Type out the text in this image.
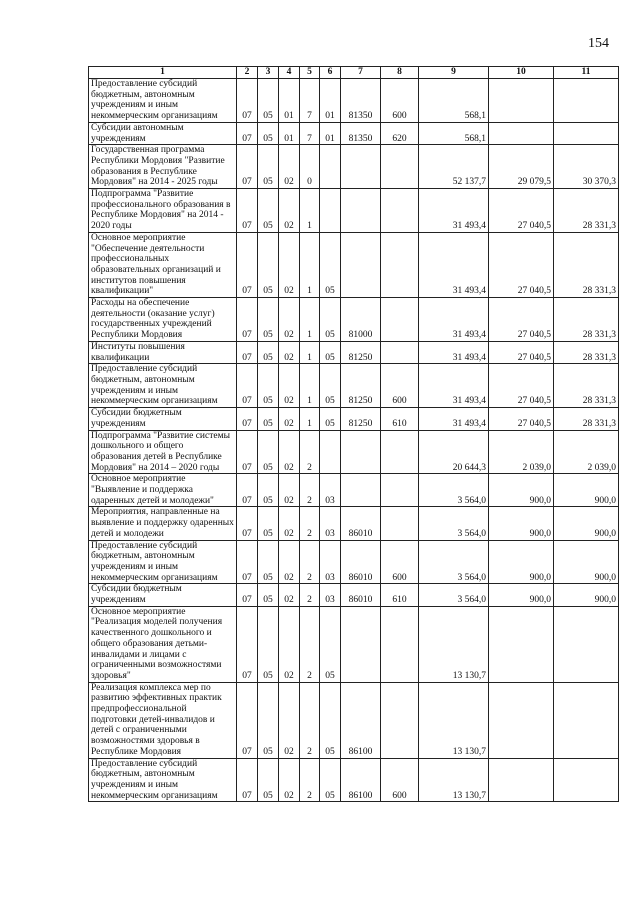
154
1	2	3	4	5	6	7	8	9	10	11
Предоставление субсидий бюджетным, автономным учреждениям и иным некоммерческим организациям	07	05	01	7	01	81350	600	568,1		
Субсидии автономным учреждениям	07	05	01	7	01	81350	620	568,1		
Государственная программа Республики Мордовия "Развитие образования в Республике Мордовия" на 2014 - 2025 годы	07	05	02	0				52 137,7	29 079,5	30 370,3
Подпрограмма "Развитие профессионального образования в Республике Мордовия" на 2014 - 2020 годы	07	05	02	1				31 493,4	27 040,5	28 331,3
Основное мероприятие "Обеспечение деятельности профессиональных образовательных организаций и институтов повышения квалификации"	07	05	02	1	05			31 493,4	27 040,5	28 331,3
Расходы на обеспечение деятельности (оказание услуг) государственных учреждений Республики Мордовия	07	05	02	1	05	81000		31 493,4	27 040,5	28 331,3
Институты повышения квалификации	07	05	02	1	05	81250		31 493,4	27 040,5	28 331,3
Предоставление субсидий бюджетным, автономным учреждениям и иным некоммерческим организациям	07	05	02	1	05	81250	600	31 493,4	27 040,5	28 331,3
Субсидии бюджетным учреждениям	07	05	02	1	05	81250	610	31 493,4	27 040,5	28 331,3
Подпрограмма "Развитие системы дошкольного и общего образования детей в Республике Мордовия" на 2014 – 2020 годы	07	05	02	2				20 644,3	2 039,0	2 039,0
Основное мероприятие "Выявление и поддержка одаренных детей и молодежи"	07	05	02	2	03			3 564,0	900,0	900,0
Мероприятия, направленные на выявление и поддержку одаренных детей и молодежи	07	05	02	2	03	86010		3 564,0	900,0	900,0
Предоставление субсидий бюджетным, автономным учреждениям и иным некоммерческим организациям	07	05	02	2	03	86010	600	3 564,0	900,0	900,0
Субсидии бюджетным учреждениям	07	05	02	2	03	86010	610	3 564,0	900,0	900,0
Основное мероприятие "Реализация моделей получения качественного дошкольного и общего образования детьми-инвалидами и лицами с ограниченными возможностями здоровья"	07	05	02	2	05			13 130,7		
Реализация комплекса мер по развитию эффективных практик предпрофессиональной подготовки детей-инвалидов и детей с ограниченными возможностями здоровья в Республике Мордовия	07	05	02	2	05	86100		13 130,7		
Предоставление субсидий бюджетным, автономным учреждениям и иным некоммерческим организациям	07	05	02	2	05	86100	600	13 130,7		
